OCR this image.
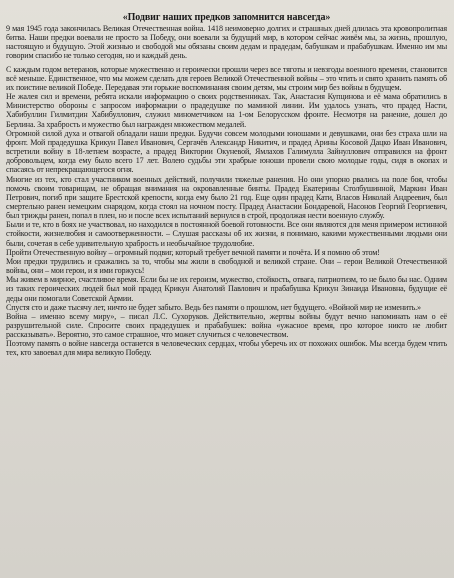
«Подвиг наших предков запомнится навсегда»

9 мая 1945 года закончилась Великая Отечественная война. 1418 неимоверно долгих и страшных дней длилась эта кровопролитная битва. Наши предки воевали не просто за Победу, они воевали за будущий мир, в котором сейчас живём мы, за жизнь, прошлую, настоящую и будущую. Этой жизнью и свободой мы обязаны своим дедам и прадедам, бабушкам и прабабушкам. Именно им мы говорим спасибо не только сегодня, но и каждый день.

С каждым годом ветеранов, которые мужественно и героически прошли через все тяготы и невзгоды военного времени, становится всё меньше. Единственное, что мы можем сделать для героев Великой Отечественной войны – это чтить и свято хранить память об их поистине великой Победе. Передавая эти горькие воспоминания своим детям, мы строим мир без войны в будущем.

Не жалея сил и времени, ребята искали информацию о своих родственниках. Так, Анастасия Купцинова и её мама обратились в Министерство обороны с запросом информации о прадедушке по маминой линии. Им удалось узнать, что прадед Насти, Хабибуллин Гилмитдин Хабибуллович, служил минометчиком на 1-ом Белорусском фронте. Несмотря на ранение, дошел до Берлина. За храбрость и мужество был награжден множеством медалей.

Огромной силой духа и отвагой обладали наши предки. Будучи совсем молодыми юношами и девушками, они без страха шли на фронт. Мой прадедушка Крикун Павел Иванович, Сергачёв Александр Никитич, и прадед Арины Косовой Дацко Иван Иванович, встретили войну в 18-летнем возрасте, а прадед Виктории Окуневой, Ямлахов Галимулла Зайнуллович отправился на фронт добровольцем, когда ему было всего 17 лет. Волею судьбы эти храбрые юноши провели свою молодые годы, сидя в окопах и спасаясь от непрекращающегося огня.

Многие из тех, кто стал участником военных действий, получили тяжелые ранения. Но они упорно рвались на поле боя, чтобы помочь своим товарищам, не обращая внимания на окровавленные бинты. Прадед Екатерины Столбушинной, Маркин Иван Петрович, погиб при защите Брестской крепости, когда ему было 21 год. Еще один прадед Кати, Власов Николай Андреевич, был смертельно ранен немецким снарядом, когда стоял на ночном посту. Прадед Анастасии Бондаревой, Насонов Георгий Георгиевич, был трижды ранен, попал в плен, но и после всех испытаний вернулся в строй, продолжая нести военную службу.

Были и те, кто в боях не участвовал, но находился в постоянной боевой готовности. Все они являются для меня примером истинной стойкости, жизнелюбия и самоотверженности. – Слушая рассказы об их жизни, я понимаю, какими мужественными людьми они были, сочетая в себе удивительную храбрость и необычайное трудолюбие.

Пройти Отечественную войну – огромный подвиг, который требует вечной памяти и почёта. И я помню об этом!

Мои предки трудились и сражались за то, чтобы мы жили в свободной и великой стране. Они – герои Великой Отечественной войны, они – мои герои, и я ими горжусь!

Мы живем в мирное, счастливое время. Если бы не их героизм, мужество, стойкость, отвага, патриотизм, то не было бы нас. Одним из таких героических людей был мой прадед Крикун Анатолий Павлович и прабабушка Крикун Зинаида Ивановна, будущие её деды они помогали Советской Армии.

Спустя сто и даже тысячу лет, ничто не будет забыто. Ведь без памяти о прошлом, нет будущего. «Войной мир не изменить.»

Война – именно всему миру», – писал Л.С. Сухоруков. Действительно, жертвы войны будут вечно напоминать нам о её разрушительной силе. Спросите своих прадедушек и прабабушек: война «ужасное время, про которое никто не любит рассказывать». Вероятно, это самое страшное, что может случиться с человечеством.

Поэтому память о войне навсегда останется в человеческих сердцах, чтобы уберечь их от похожих ошибок. Мы всегда будем чтить тех, кто завоевал для мира великую Победу.
